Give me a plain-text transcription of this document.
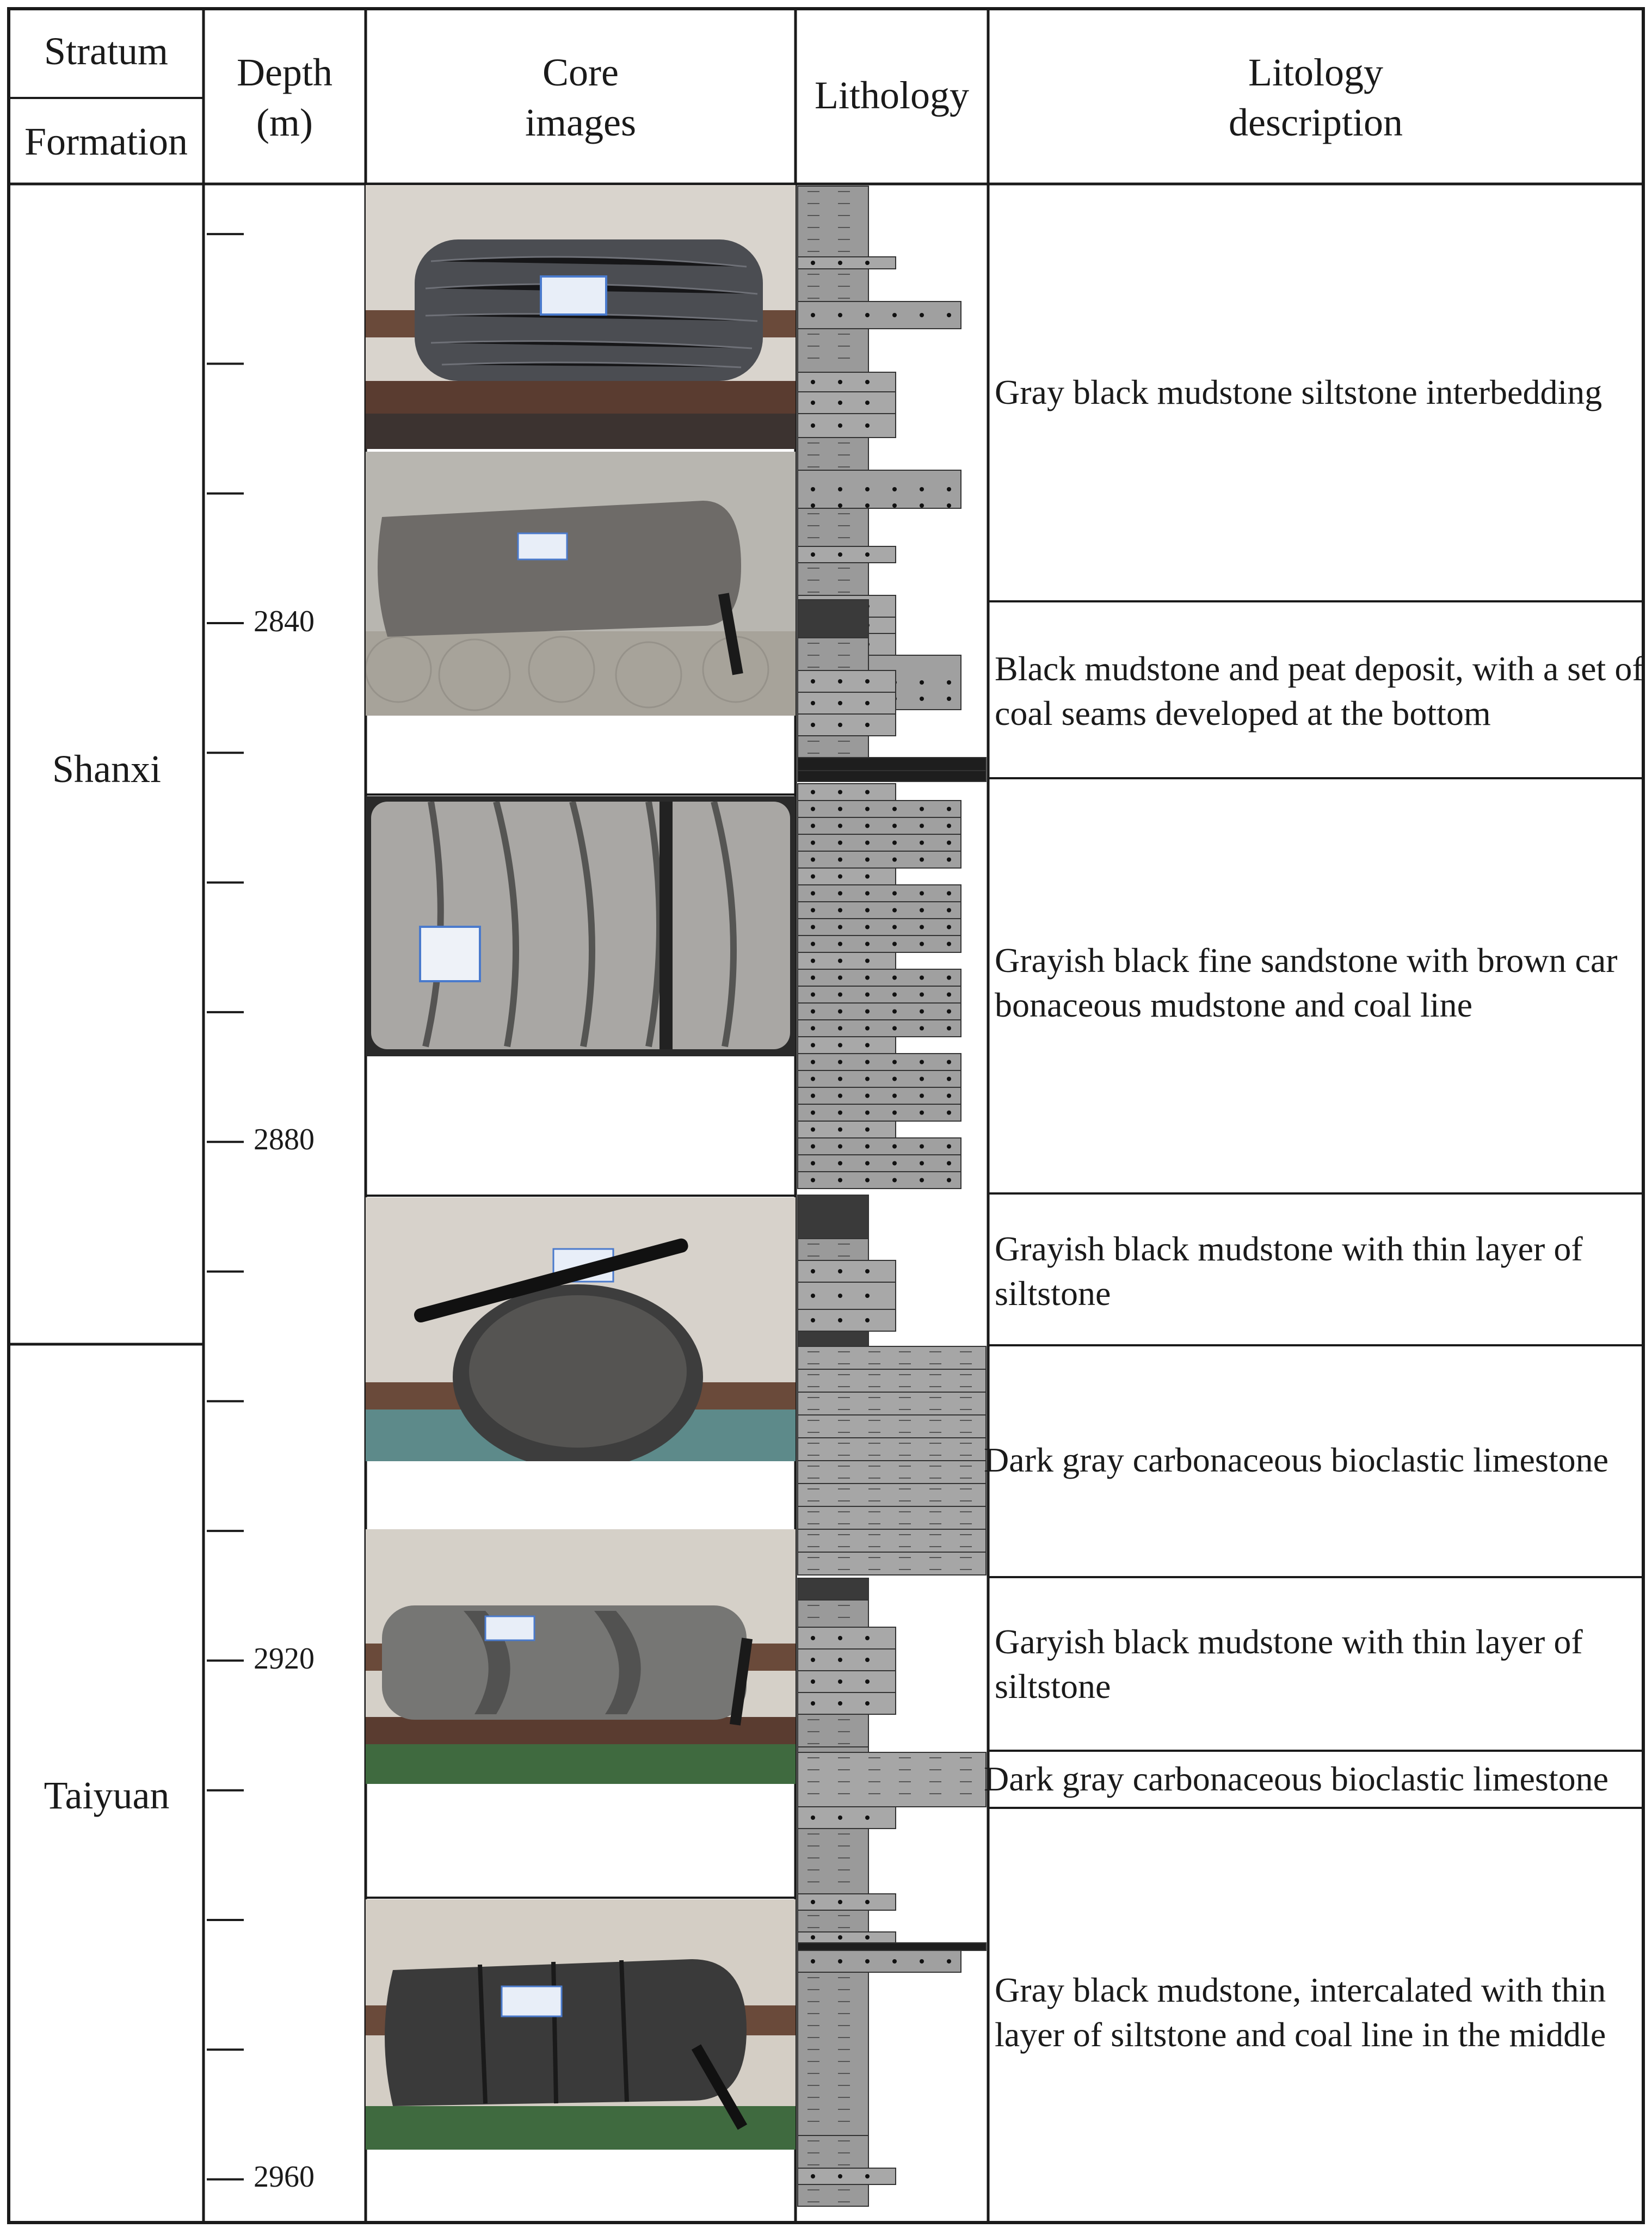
Stratum
Formation
Depth
(m)
Core
images
Lithology
Litology
description
Shanxi
Taiyuan
2840
2880
2920
2960
Gray black mudstone siltstone interbedding
Black mudstone and peat deposit, with a set of coal seams developed at the bottom
Grayish black fine sandstone with brown car bonaceous mudstone and coal line
Grayish black mudstone with thin layer of siltstone
Dark gray carbonaceous bioclastic limestone
Garyish black mudstone with thin layer of siltstone
Dark gray carbonaceous bioclastic limestone
Gray black mudstone, intercalated with thin layer of siltstone and coal line in the middle
